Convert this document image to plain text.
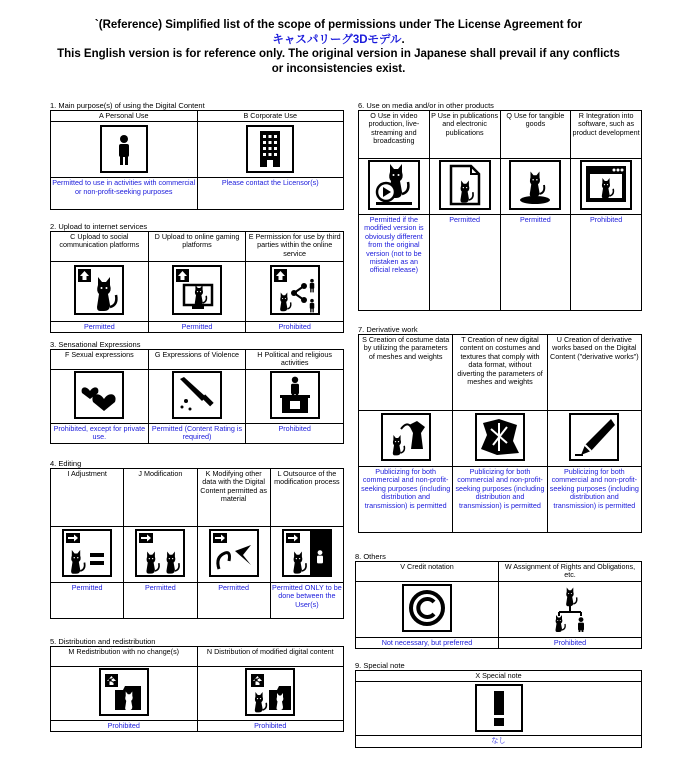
`(Reference) Simplified list of the scope of permissions under The License Agreement for
キャスパリーグ3Dモデル.
This English version is for reference only. The original version in Japanese shall prevail if any conflicts or inconsistencies exist.
1. Main purpose(s) of using the Digital Content
A Personal Use	B Corporate Use

Permitted to use in activities with commercial or non-profit-seeking purposes	Please contact the Licensor(s)
2. Upload to internet services
C Upload to social communication platforms	D Upload to online gaming platforms	E Permission for use by third parties within the online service

Permitted	Permitted	Prohibited
3. Sensational Expressions
F Sexual expressions	G Expressions of Violence	H Political and religious activities

Prohibited, except for private use.	Permitted (Content Rating is required)	Prohibited
4. Editing
I Adjustment	J Modification	K Modifying other data with the Digital Content permitted as material	L Outsource of the modification process

Permitted	Permitted	Permitted	Permitted ONLY to be done between the User(s)
5. Distribution and redistribution
M Redistribution with no change(s)	N Distribution of modified digital content

Prohibited	Prohibited
6. Use on media and/or in other products
O Use in video production, live-streaming and broadcasting	P Use in publications and electronic publications	Q Use for tangible goods	R Integration into software, such as product development

Permitted if the modified version is obviously different from the original version (not to be mistaken as an official release)	Permitted	Permitted	Prohibited
7. Derivative work
S Creation of costume data by utilizing the parameters of meshes and weights	T Creation of new digital content on costumes and textures that comply with data format, without diverting the parameters of meshes and weights	U Creation of derivative works based on the Digital Content ("derivative works")

Publicizing for both commercial and non-profit-seeking purposes (including distribution and transmission) is permitted	Publicizing for both commercial and non-profit-seeking purposes (including distribution and transmission) is permitted	Publicizing for both commercial and non-profit-seeking purposes (including distribution and transmission) is permitted
8. Others
V Credit notation	W Assignment of Rights and Obligations, etc.

Not necessary, but preferred	Prohibited
9. Special note
X Special note

なし
